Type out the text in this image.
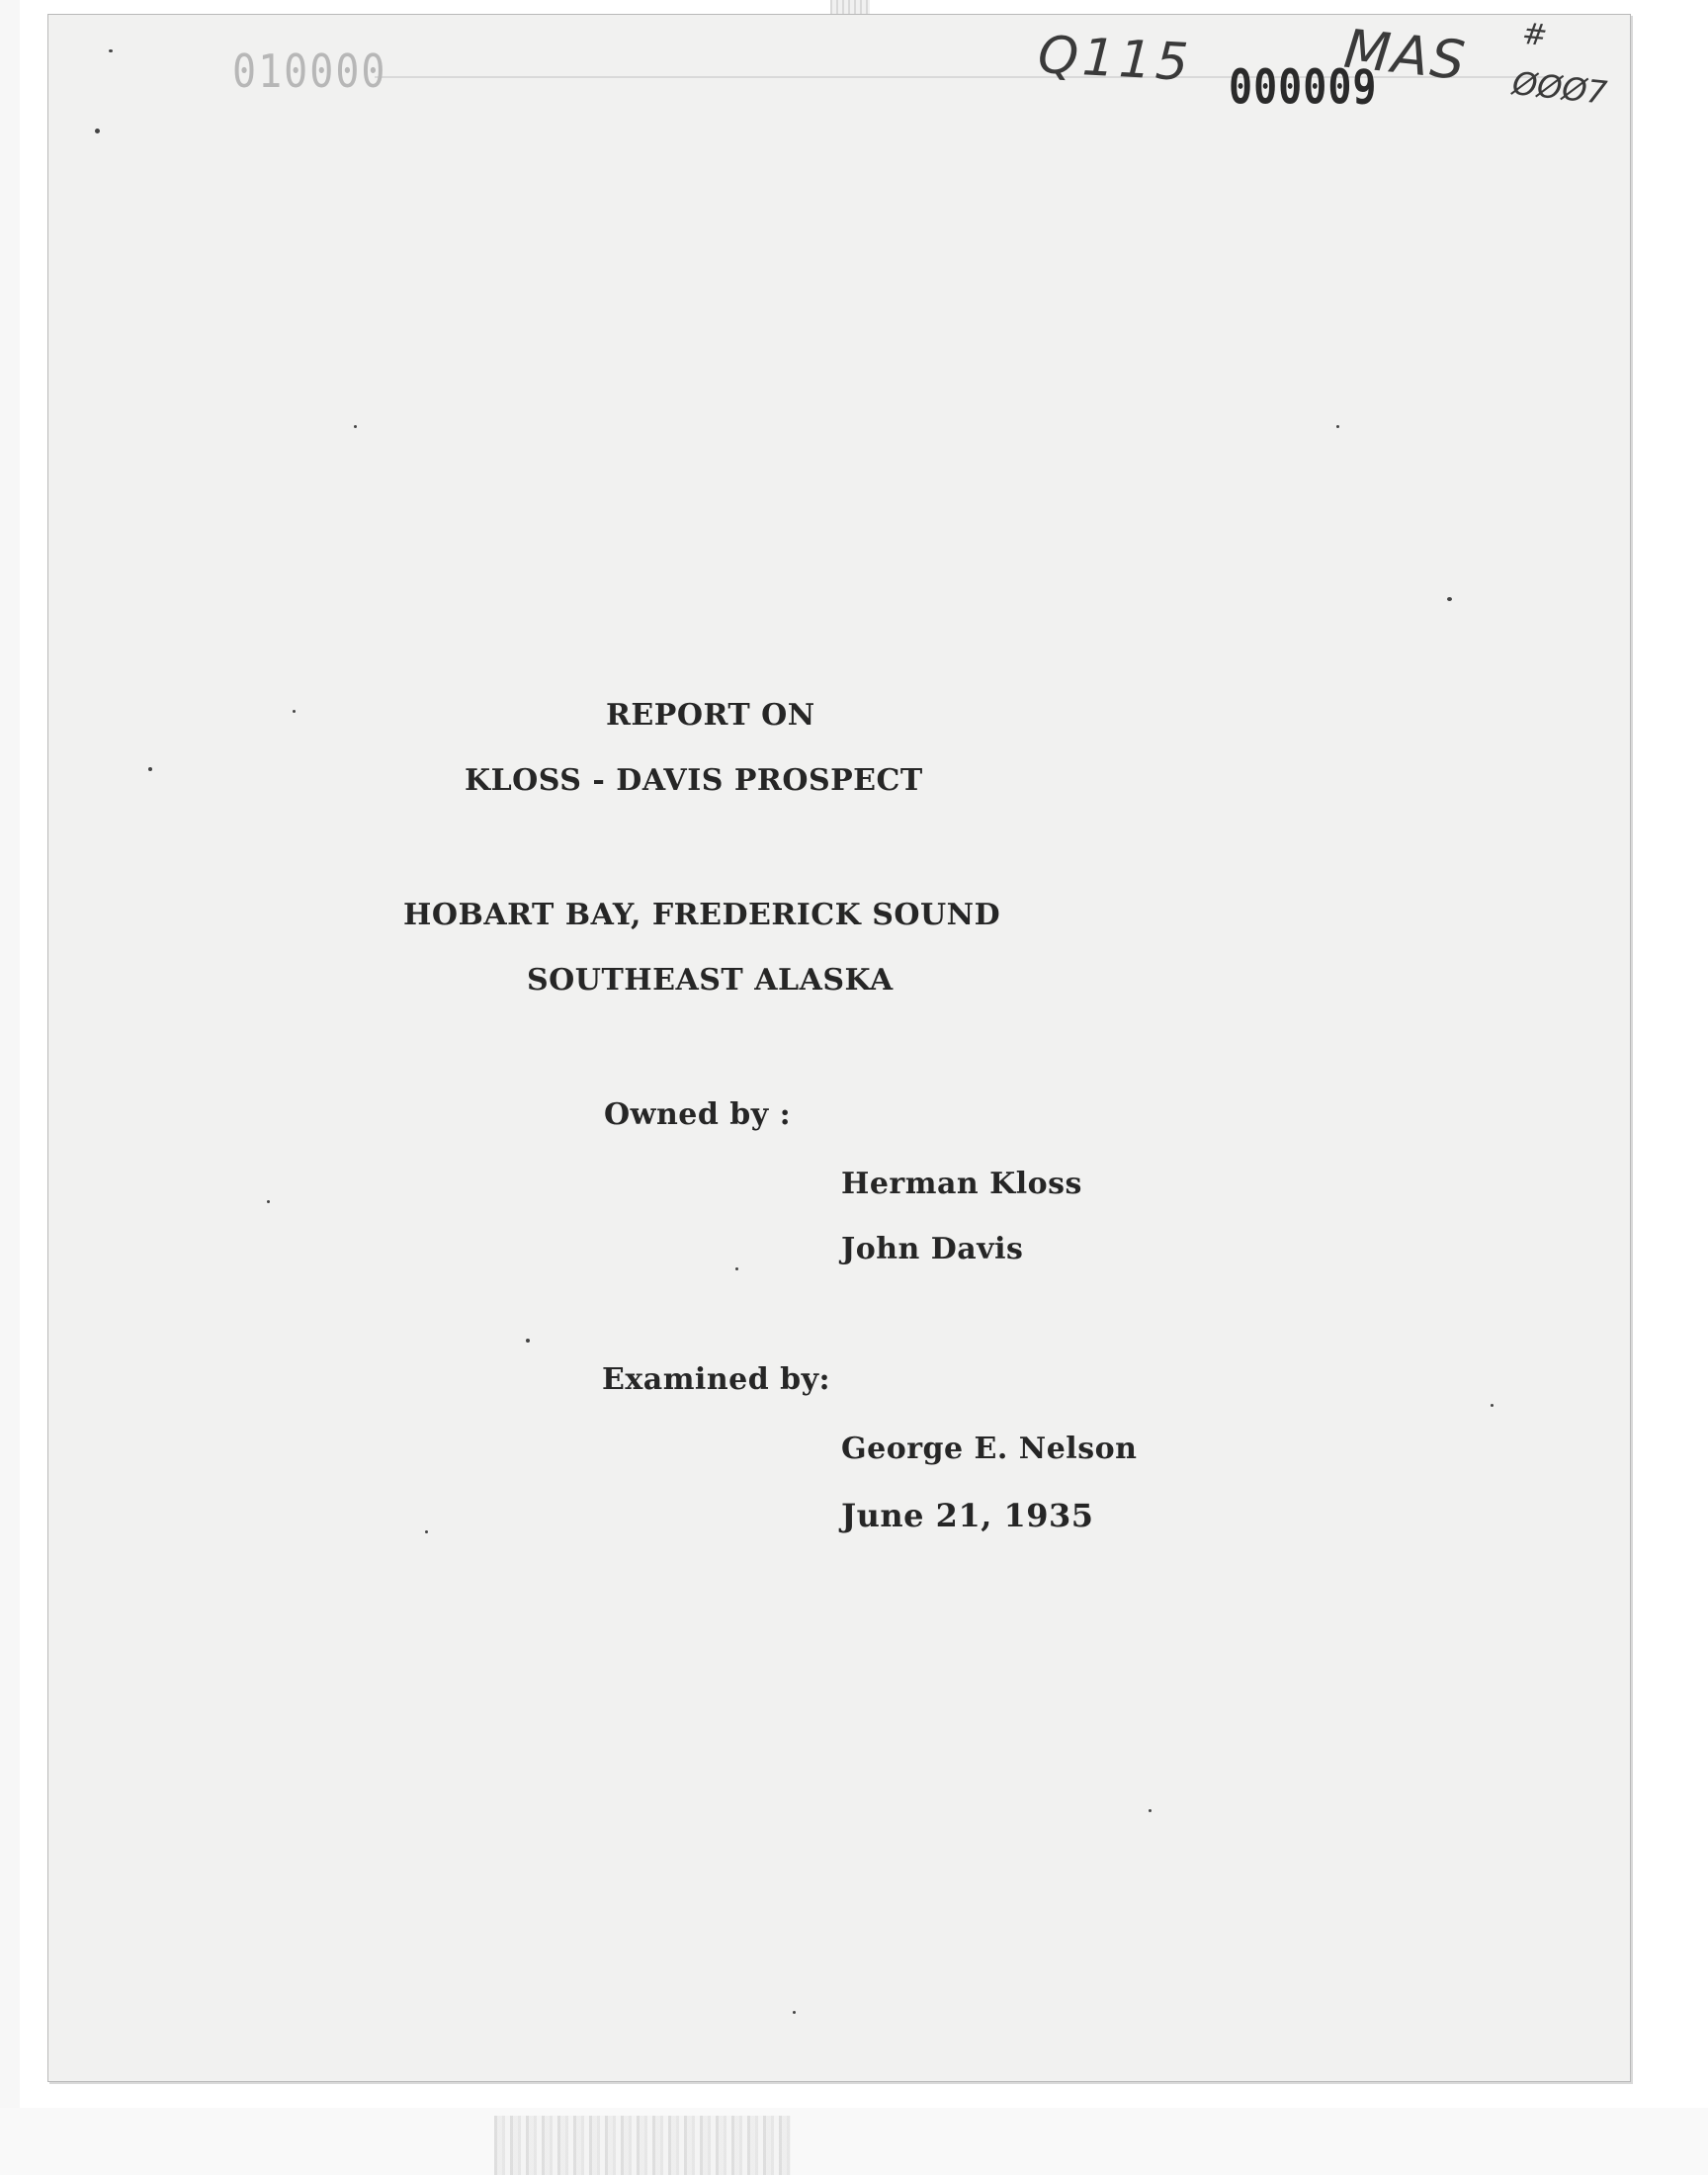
010000	Q115 000009
MAS #
ØØØ7
REPORT ON
KLOSS - DAVIS PROSPECT
HOBART BAY, FREDERICK SOUND
SOUTHEAST ALASKA
Owned by :
Herman Kloss
John Davis
Examined by:
George E. Nelson
June 21, 1935
